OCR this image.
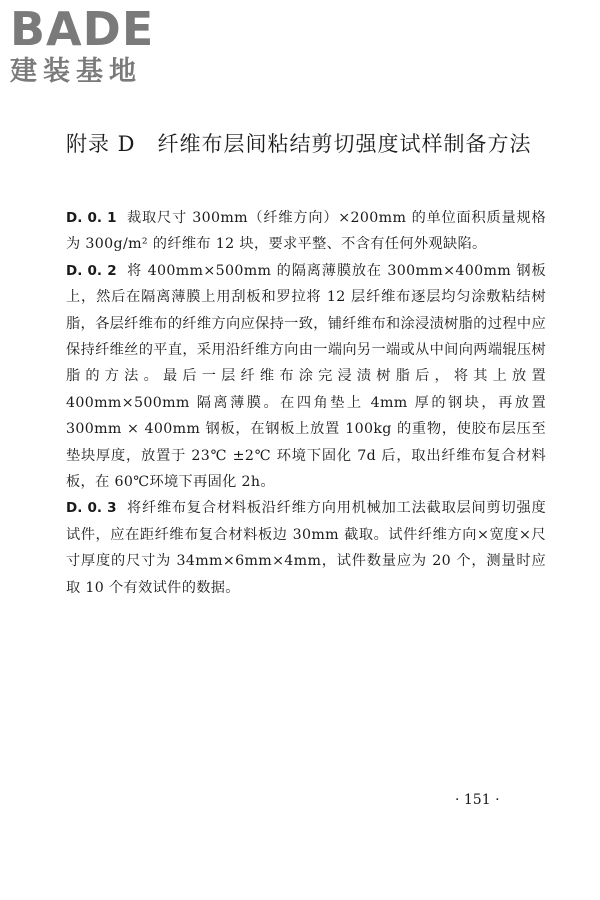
BADE
建装基地
附录 D　纤维布层间粘结剪切强度试样制备方法

D. 0. 1 裁取尺寸 300mm（纤维方向）×200mm 的单位面积质量规格为 300g/m² 的纤维布 12 块，要求平整、不含有任何外观缺陷。

D. 0. 2 将 400mm×500mm 的隔离薄膜放在 300mm×400mm 钢板上，然后在隔离薄膜上用刮板和罗拉将 12 层纤维布逐层均匀涂敷粘结树脂，各层纤维布的纤维方向应保持一致，铺纤维布和涂浸渍树脂的过程中应保持纤维丝的平直，采用沿纤维方向由一端向另一端或从中间向两端辊压树脂的方法。最后一层纤维布涂完浸渍树脂后，将其上放置 400mm×500mm 隔离薄膜。在四角垫上 4mm 厚的钢块，再放置 300mm × 400mm 钢板，在钢板上放置 100kg 的重物，使胶布层压至垫块厚度，放置于 23℃ ±2℃ 环境下固化 7d 后，取出纤维布复合材料板，在 60℃环境下再固化 2h。

D. 0. 3 将纤维布复合材料板沿纤维方向用机械加工法截取层间剪切强度试件，应在距纤维布复合材料板边 30mm 截取。试件纤维方向×宽度×尺寸厚度的尺寸为 34mm×6mm×4mm，试件数量应为 20 个，测量时应取 10 个有效试件的数据。

· 151 ·
